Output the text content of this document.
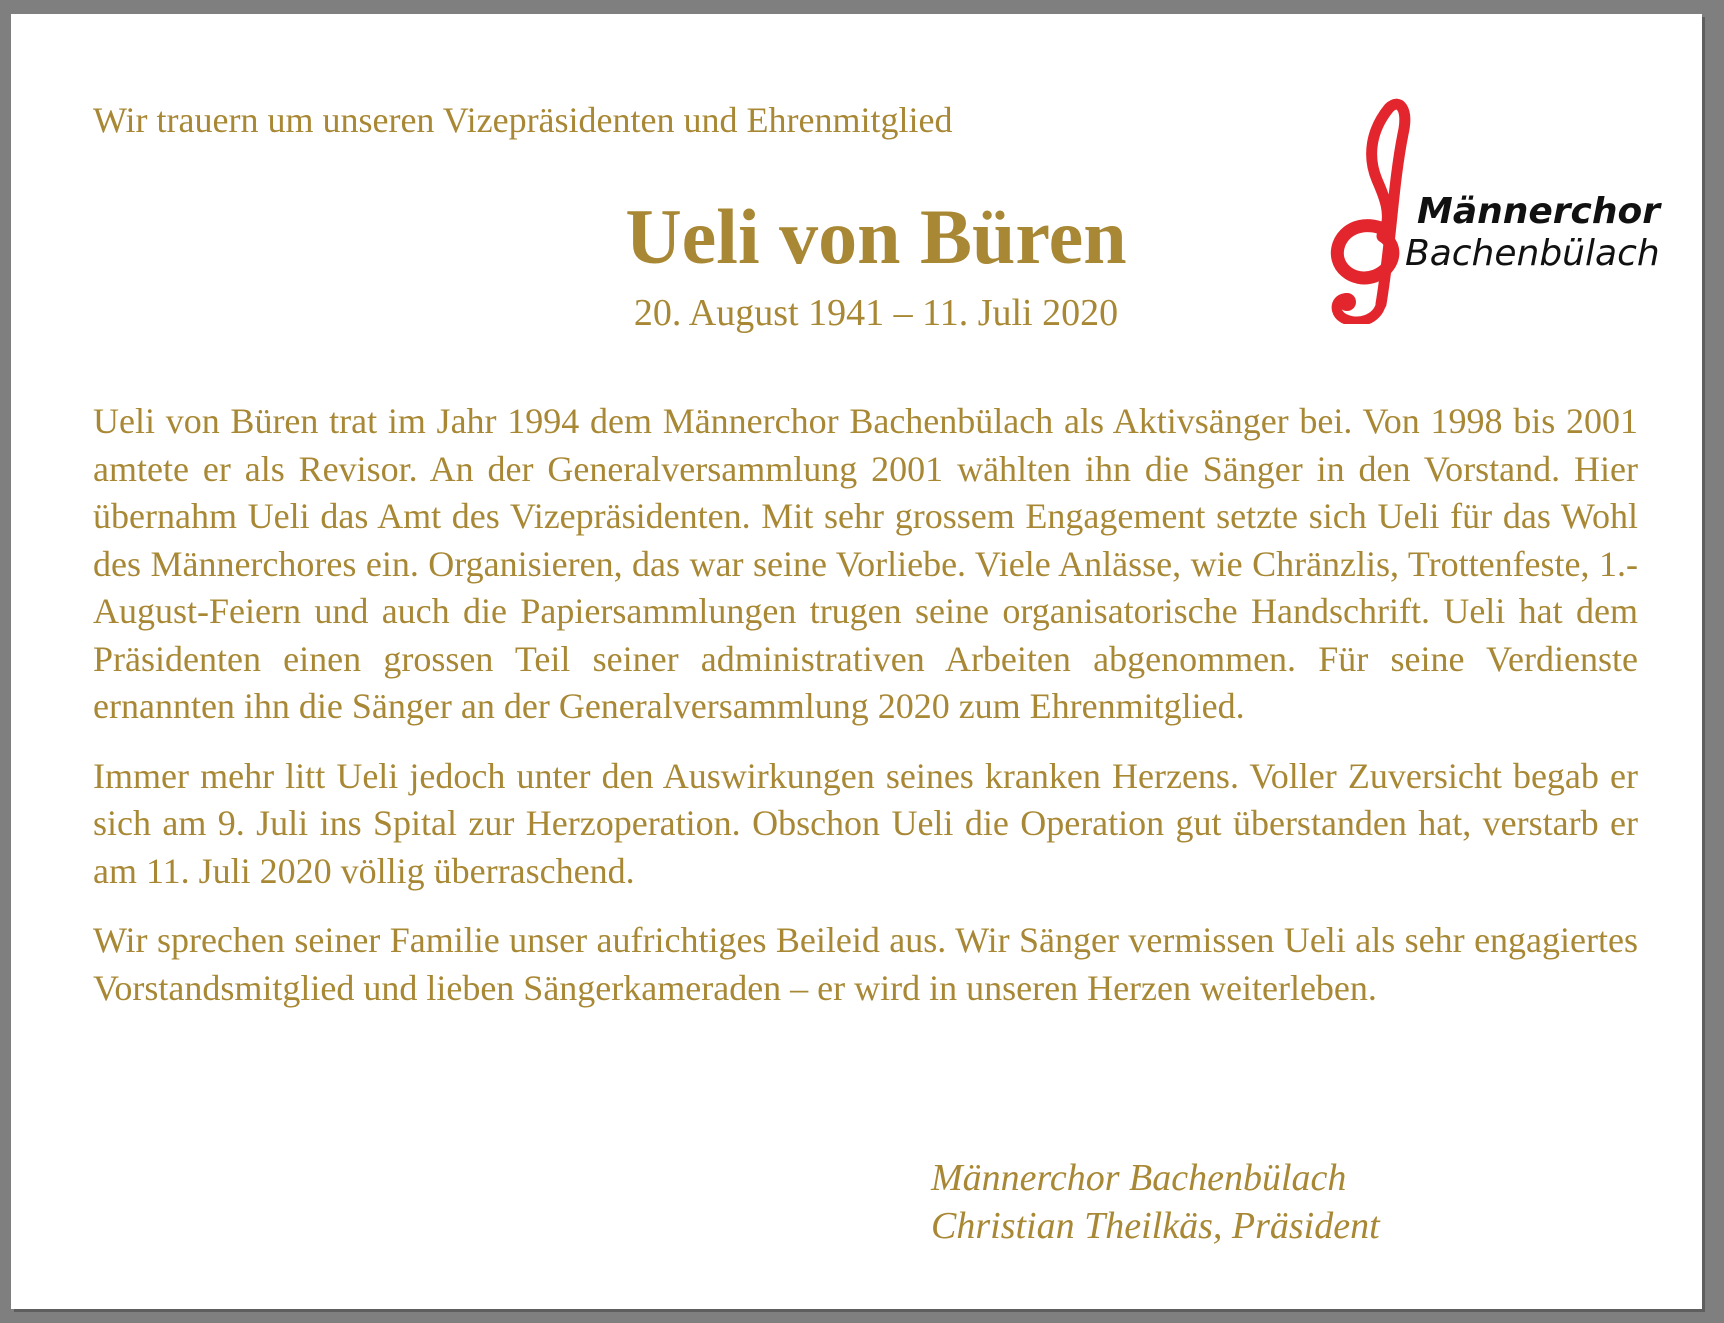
Wir trauern um unseren Vizepräsidenten und Ehrenmitglied
Ueli von Büren
20. August 1941 – 11. Juli 2020
Männerchor
Bachenbülach

Ueli von Büren trat im Jahr 1994 dem Männerchor Bachenbülach als Aktivsänger bei. Von 1998 bis 2001 amtete er als Revisor. An der Generalversammlung 2001 wählten ihn die Sänger in den Vorstand. Hier übernahm Ueli das Amt des Vizepräsidenten. Mit sehr grossem Engagement setzte sich Ueli für das Wohl des Männerchores ein. Organisieren, das war seine Vorliebe. Viele Anlässe, wie Chränzlis, Trottenfeste, 1.-August-Feiern und auch die Papiersammlungen trugen seine organisatorische Handschrift. Ueli hat dem Präsidenten einen grossen Teil seiner administrativen Arbeiten abgenommen. Für seine Verdienste ernannten ihn die Sänger an der Generalversammlung 2020 zum Ehrenmitglied.

Immer mehr litt Ueli jedoch unter den Auswirkungen seines kranken Herzens. Voller Zuversicht begab er sich am 9. Juli ins Spital zur Herzoperation. Obschon Ueli die Operation gut überstanden hat, verstarb er am 11. Juli 2020 völlig überraschend.

Wir sprechen seiner Familie unser aufrichtiges Beileid aus. Wir Sänger vermissen Ueli als sehr engagiertes Vorstandsmitglied und lieben Sängerkameraden – er wird in unseren Herzen weiterleben.

Männerchor Bachenbülach
Christian Theilkäs, Präsident
